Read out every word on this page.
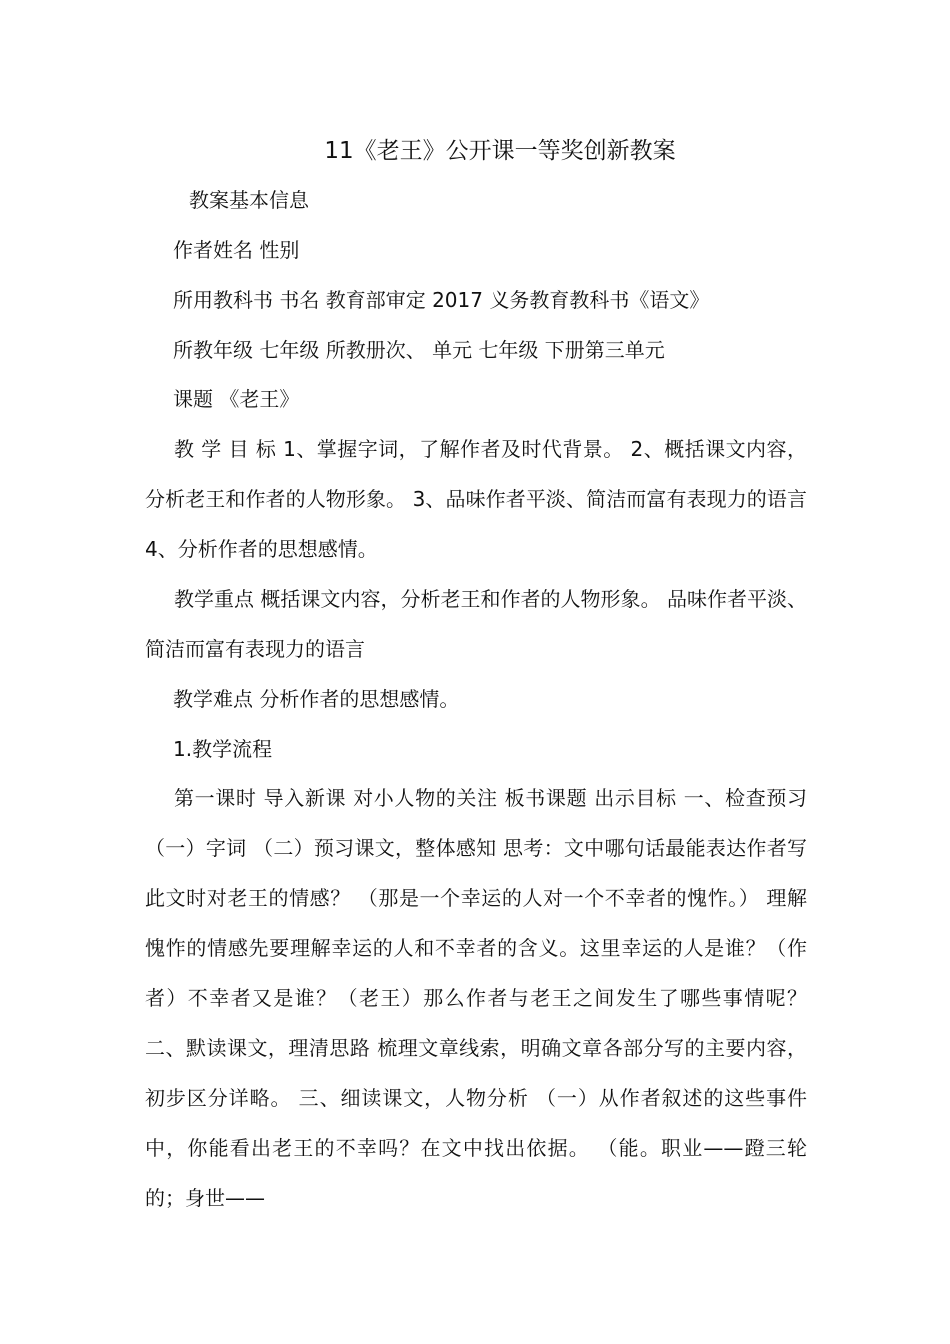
11《老王》公开课一等奖创新教案
教案基本信息
作者姓名 性别
所用教科书 书名 教育部审定 2017 义务教育教科书《语文》
所教年级 七年级 所教册次、 单元 七年级 下册第三单元
课题 《老王》
教 学 目 标 1、掌握字词，了解作者及时代背景。 2、概括课文内容，分析老王和作者的人物形象。 3、品味作者平淡、简洁而富有表现力的语言 4、分析作者的思想感情。
教学重点 概括课文内容，分析老王和作者的人物形象。 品味作者平淡、简洁而富有表现力的语言
教学难点 分析作者的思想感情。
1.教学流程
第一课时 导入新课 对小人物的关注 板书课题 出示目标 一、检查预习 （一）字词 （二）预习课文，整体感知 思考：文中哪句话最能表达作者写此文时对老王的情感？ （那是一个幸运的人对一个不幸者的愧怍。） 理解愧怍的情感先要理解幸运的人和不幸者的含义。这里幸运的人是谁？（作者）不幸者又是谁？（老王）那么作者与老王之间发生了哪些事情呢？ 二、默读课文，理清思路 梳理文章线索，明确文章各部分写的主要内容，初步区分详略。 三、细读课文，人物分析 （一）从作者叙述的这些事件中，你能看出老王的不幸吗？在文中找出依据。 （能。职业——蹬三轮的；身世——
